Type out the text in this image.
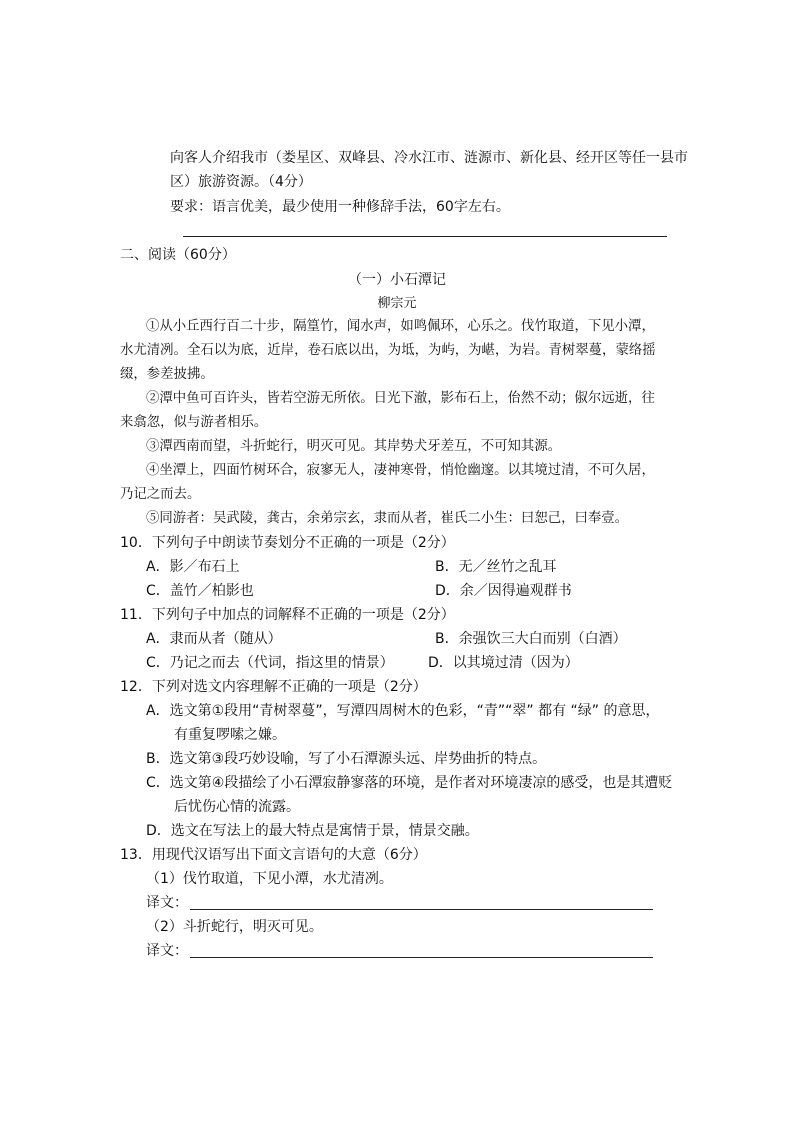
向客人介绍我市（娄星区、双峰县、冷水江市、涟源市、新化县、经开区等任一县市
区）旅游资源。（4分）
要求：语言优美，最少使用一种修辞手法，60字左右。
二、阅读（60分）
（一）小石潭记
柳宗元
①从小丘西行百二十步，隔篁竹，闻水声，如鸣佩环，心乐之。伐竹取道，下见小潭，
水尤清冽。全石以为底，近岸，卷石底以出，为坻，为屿，为嵁，为岩。青树翠蔓，蒙络摇
缀，参差披拂。
②潭中鱼可百许头，皆若空游无所依。日光下澈，影布石上，佁然不动；俶尔远逝，往
来翕忽，似与游者相乐。
③潭西南而望，斗折蛇行，明灭可见。其岸势犬牙差互，不可知其源。
④坐潭上，四面竹树环合，寂寥无人，凄神寒骨，悄怆幽邃。以其境过清，不可久居，
乃记之而去。
⑤同游者：吴武陵，龚古，余弟宗玄，隶而从者，崔氏二小生：曰恕己，曰奉壹。
10．下列句子中朗读节奏划分不正确的一项是（2分）
A．影／布石上	B．无／丝竹之乱耳
C．盖竹／柏影也	D．余／因得遍观群书
11．下列句子中加点的词解释不正确的一项是（2分）
A．隶而从者（随从）	B．余强饮三大白而别（白酒）
C．乃记之而去（代词，指这里的情景） D．以其境过清（因为）
12．下列对选文内容理解不正确的一项是（2分）
A．选文第①段用“青树翠蔓”，写潭四周树木的色彩，“青”“翠” 都有 “绿” 的意思，
有重复啰嗦之嫌。
B．选文第③段巧妙设喻，写了小石潭源头远、岸势曲折的特点。
C．选文第④段描绘了小石潭寂静寥落的环境，是作者对环境凄凉的感受，也是其遭贬
后忧伤心情的流露。
D．选文在写法上的最大特点是寓情于景，情景交融。
13．用现代汉语写出下面文言语句的大意（6分）
（1）伐竹取道，下见小潭，水尤清冽。
译文：
（2）斗折蛇行，明灭可见。
译文：
